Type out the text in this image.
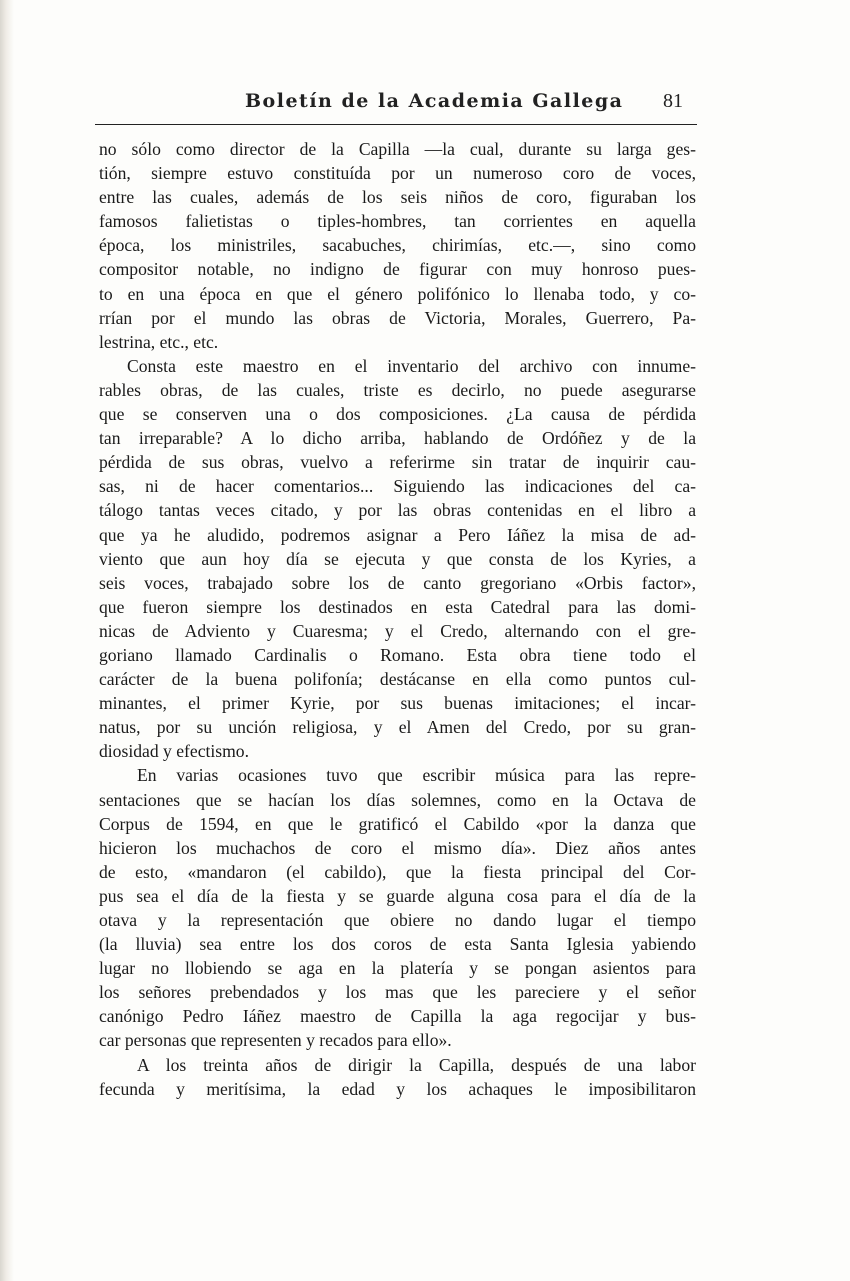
Boletín de la Academia Gallega 81
no sólo como director de la Capilla —la cual, durante su larga ges-
tión, siempre estuvo constituída por un numeroso coro de voces,
entre las cuales, además de los seis niños de coro, figuraban los
famosos falietistas o tiples-hombres, tan corrientes en aquella
época, los ministriles, sacabuches, chirimías, etc.—, sino como
compositor notable, no indigno de figurar con muy honroso pues-
to en una época en que el género polifónico lo llenaba todo, y co-
rrían por el mundo las obras de Victoria, Morales, Guerrero, Pa-
lestrina, etc., etc.
Consta este maestro en el inventario del archivo con innume-
rables obras, de las cuales, triste es decirlo, no puede asegurarse
que se conserven una o dos composiciones. ¿La causa de pérdida
tan irreparable? A lo dicho arriba, hablando de Ordóñez y de la
pérdida de sus obras, vuelvo a referirme sin tratar de inquirir cau-
sas, ni de hacer comentarios... Siguiendo las indicaciones del ca-
tálogo tantas veces citado, y por las obras contenidas en el libro a
que ya he aludido, podremos asignar a Pero Iáñez la misa de ad-
viento que aun hoy día se ejecuta y que consta de los Kyries, a
seis voces, trabajado sobre los de canto gregoriano «Orbis factor»,
que fueron siempre los destinados en esta Catedral para las domi-
nicas de Adviento y Cuaresma; y el Credo, alternando con el gre-
goriano llamado Cardinalis o Romano. Esta obra tiene todo el
carácter de la buena polifonía; destácanse en ella como puntos cul-
minantes, el primer Kyrie, por sus buenas imitaciones; el incar-
natus, por su unción religiosa, y el Amen del Credo, por su gran-
diosidad y efectismo.
En varias ocasiones tuvo que escribir música para las repre-
sentaciones que se hacían los días solemnes, como en la Octava de
Corpus de 1594, en que le gratificó el Cabildo «por la danza que
hicieron los muchachos de coro el mismo día». Diez años antes
de esto, «mandaron (el cabildo), que la fiesta principal del Cor-
pus sea el día de la fiesta y se guarde alguna cosa para el día de la
otava y la representación que obiere no dando lugar el tiempo
(la lluvia) sea entre los dos coros de esta Santa Iglesia yabiendo
lugar no llobiendo se aga en la platería y se pongan asientos para
los señores prebendados y los mas que les pareciere y el señor
canónigo Pedro Iáñez maestro de Capilla la aga regocijar y bus-
car personas que representen y recados para ello».
A los treinta años de dirigir la Capilla, después de una labor
fecunda y meritísima, la edad y los achaques le imposibilitaron
